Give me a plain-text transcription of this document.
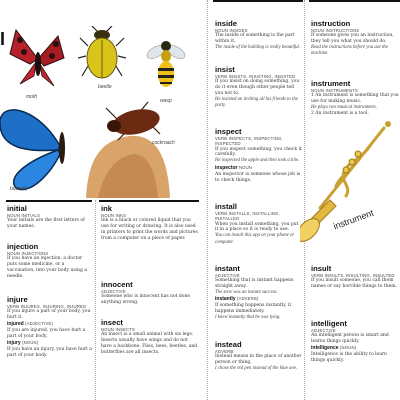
I
moth
beetle
wasp
butterfly
cockroach
initial
NOUN INITIALS
Your initials are the first letters of your names.
injection
NOUN INJECTIONS
If you have an injection, a doctor puts some medicine, or a vaccination, into your body using a needle.
injure
VERB INJURES, INJURING, INJURED
If you injure a part of your body, you hurt it.
injured (ADJECTIVE)
If you are injured, you have hurt a part of your body.
injury (NOUN)
If you have an injury, you have hurt a part of your body.
ink
NOUN INKS
Ink is a black or colored liquid that you use for writing or drawing. It is also used in printers to print the words and pictures from a computer on a piece of paper.
innocent
ADJECTIVE
Someone who is innocent has not done anything wrong.
insect
NOUN INSECTS
An insect is a small animal with six legs. Insects usually have wings and do not have a backbone. Flies, bees, beetles, and butterflies are all insects.
inside
NOUN INSIDES
The inside of something is the part within it.
The inside of the building is really beautiful.
insist
VERB INSISTS, INSISTING, INSISTED
If you insist on doing something, you do it even though other people tell you not to.
He insisted on inviting all his friends to the party.
inspect
VERB INSPECTS, INSPECTING, INSPECTED
If you inspect something, you check it carefully.
He inspected the apple and then took a bite.
inspector NOUN
An inspector is someone whose job is to check things.
install
VERB INSTALLS, INSTALLING, INSTALLED
When you install something, you put it in a place so it is ready to use.
You can install this app on your phone or computer.
instant
ADJECTIVE
Something that is instant happens straight away.
The stew was an instant success.
instantly (ADVERB)
If something happens instantly, it happens immediately.
I knew instantly that he was lying.
instead
ADVERB
Instead means in the place of another person or thing.
I chose the red pen instead of the blue one.
instruction
NOUN INSTRUCTIONS
If someone gives you an instruction, they tell you what you should do.
Read the instructions before you use the machine.
instrument
NOUN INSTRUMENTS
1 An instrument is something that you use for making music.
He plays two musical instruments.
2 An instrument is a tool.
instrument
insult
VERB INSULTS, INSULTING, INSULTED
If you insult someone, you call them names or say horrible things to them.
intelligent
ADJECTIVE
An intelligent person is smart and learns things quickly.
intelligence (NOUN)
Intelligence is the ability to learn things quickly.
